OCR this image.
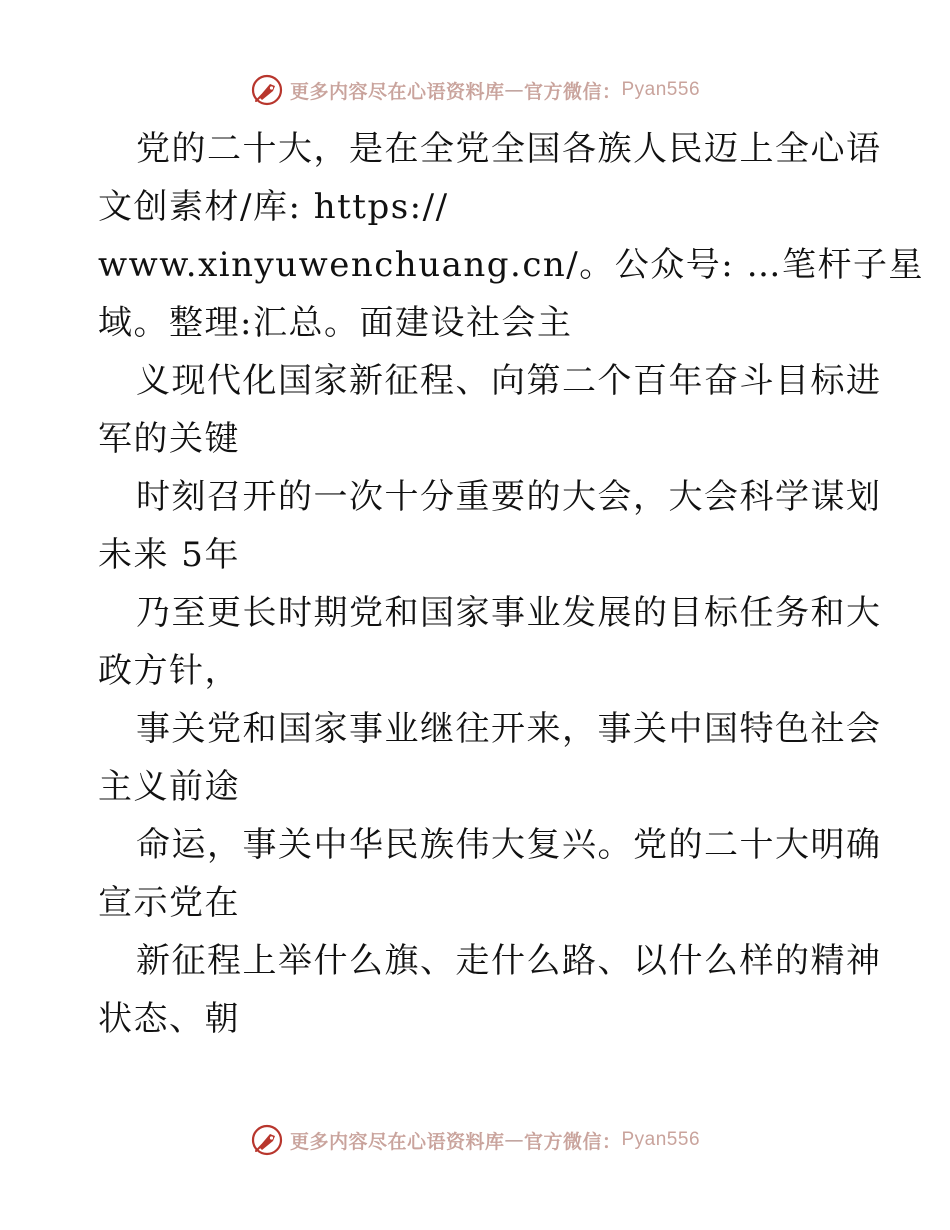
更多内容尽在心语资料库 — 官方微信： Pyan556
党的二十大，是在全党全国各族人民迈上全心语
文创素材/库: https://
www.xinyuwenchuang.cn/。公众号: …笔杆子星
域。整理:汇总。面建设社会主
义现代化国家新征程、向第二个百年奋斗目标进
军的关键
时刻召开的一次十分重要的大会，大会科学谋划
未来 5年
乃至更长时期党和国家事业发展的目标任务和大
政方针，
事关党和国家事业继往开来，事关中国特色社会
主义前途
命运，事关中华民族伟大复兴。党的二十大明确
宣示党在
新征程上举什么旗、走什么路、以什么样的精神
状态、朝
更多内容尽在心语资料库 — 官方微信： Pyan556
